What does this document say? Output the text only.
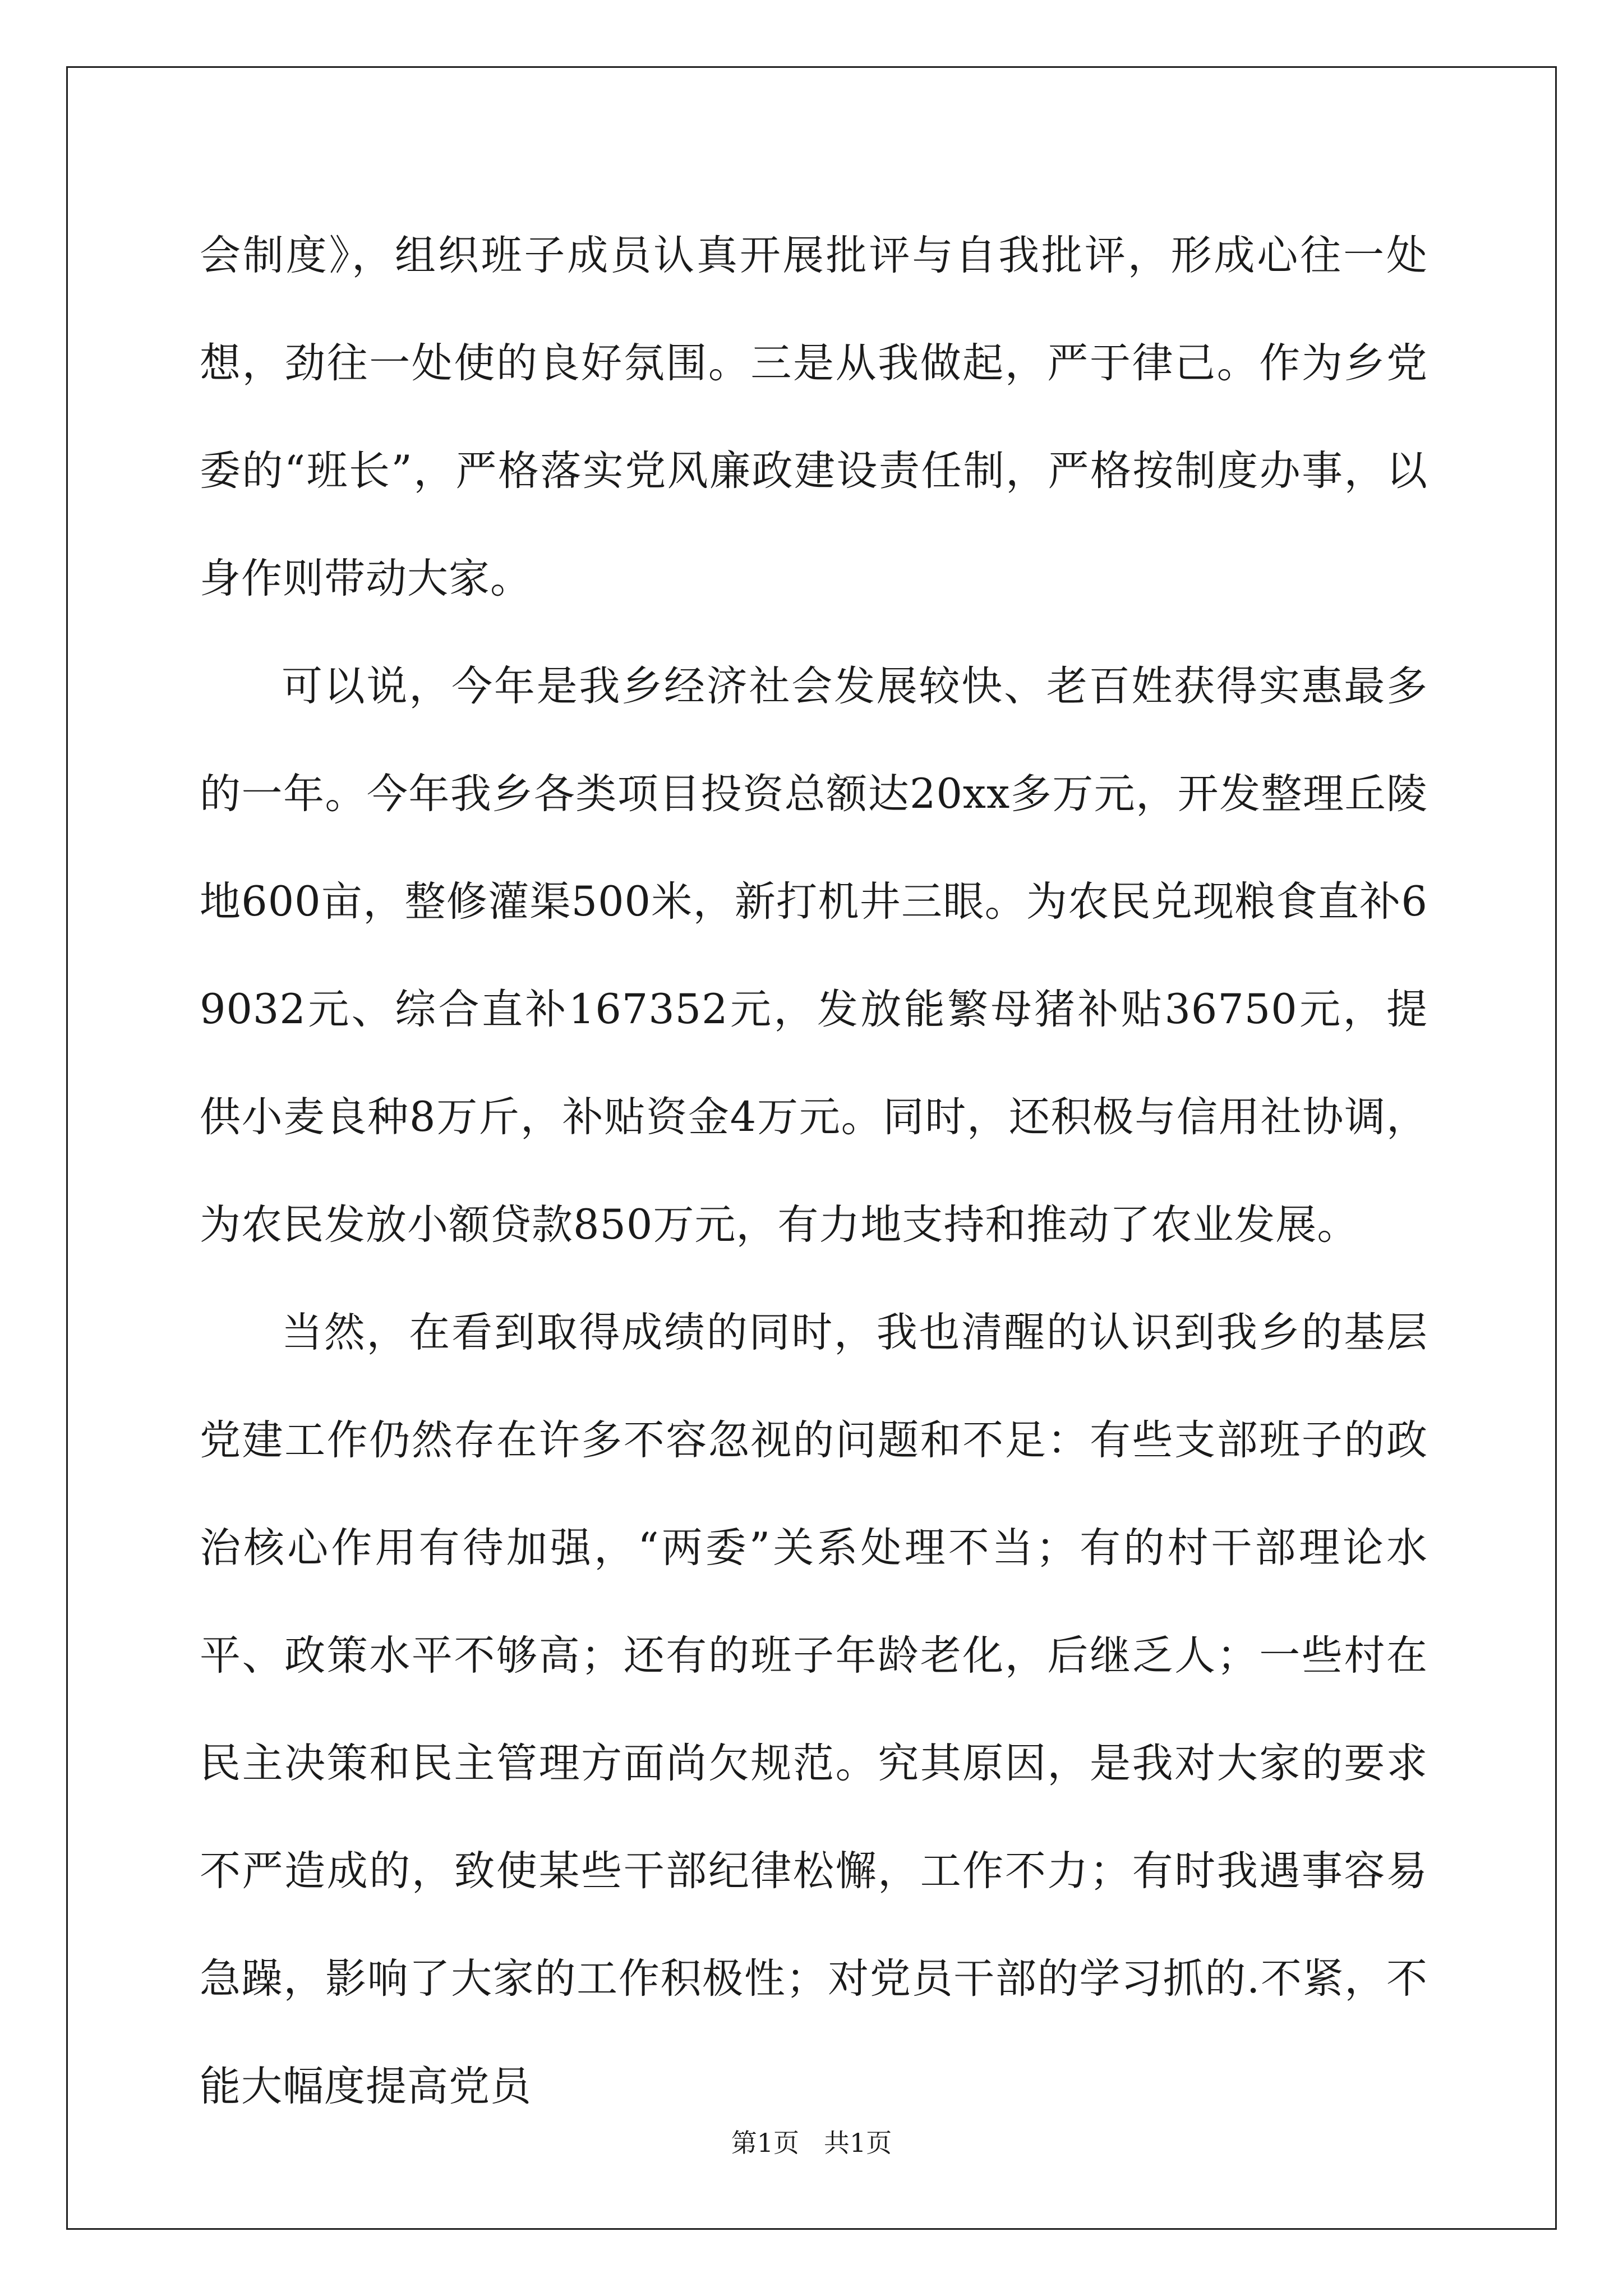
会制度》，组织班子成员认真开展批评与自我批评，形成心往一处想，劲往一处使的良好氛围。三是从我做起，严于律己。作为乡党委的“班长”，严格落实党风廉政建设责任制，严格按制度办事，以身作则带动大家。

可以说，今年是我乡经济社会发展较快、老百姓获得实惠最多的一年。今年我乡各类项目投资总额达20xx多万元，开发整理丘陵地600亩，整修灌渠500米，新打机井三眼。为农民兑现粮食直补69032元、综合直补167352元，发放能繁母猪补贴36750元，提供小麦良种8万斤，补贴资金4万元。同时，还积极与信用社协调，为农民发放小额贷款850万元，有力地支持和推动了农业发展。

当然，在看到取得成绩的同时，我也清醒的认识到我乡的基层党建工作仍然存在许多不容忽视的问题和不足：有些支部班子的政治核心作用有待加强，“两委”关系处理不当；有的村干部理论水平、政策水平不够高；还有的班子年龄老化，后继乏人；一些村在民主决策和民主管理方面尚欠规范。究其原因，是我对大家的要求不严造成的，致使某些干部纪律松懈，工作不力；有时我遇事容易急躁，影响了大家的工作积极性；对党员干部的学习抓的.不紧，不能大幅度提高党员

第1页 共1页
